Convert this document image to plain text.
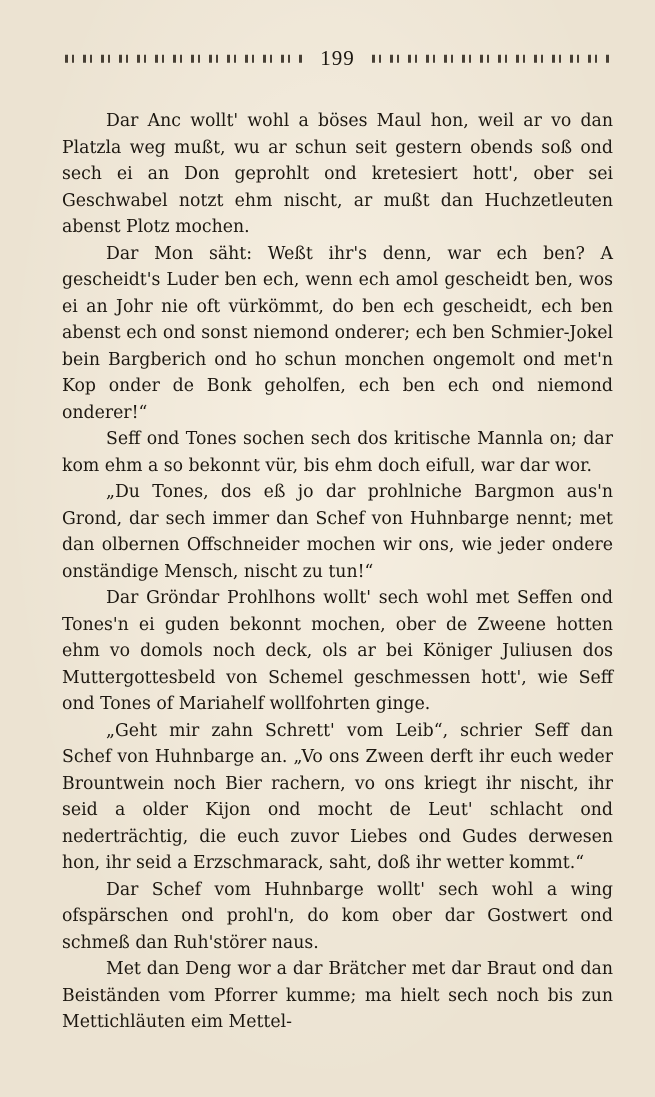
199

Dar Anc wollt' wohl a böses Maul hon, weil ar vo dan Platzla weg mußt, wu ar schun seit gestern obends soß ond sech ei an Don geprohlt ond kretesiert hott', ober sei Geschwabel notzt ehm nischt, ar mußt dan Huchzetleuten abenst Plotz mochen.

Dar Mon säht: Weßt ihr's denn, war ech ben? A gescheidt's Luder ben ech, wenn ech amol gescheidt ben, wos ei an Johr nie oft vürkömmt, do ben ech gescheidt, ech ben abenst ech ond sonst niemond onderer; ech ben Schmier-Jokel bein Bargberich ond ho schun monchen ongemolt ond met'n Kop onder de Bonk geholfen, ech ben ech ond niemond onderer!“

Seff ond Tones sochen sech dos kritische Mannla on; dar kom ehm a so bekonnt vür, bis ehm doch eifull, war dar wor.

„Du Tones, dos eß jo dar prohlniche Bargmon aus'n Grond, dar sech immer dan Schef von Huhnbarge nennt; met dan olbernen Offschneider mochen wir ons, wie jeder ondere onständige Mensch, nischt zu tun!“

Dar Gröndar Prohlhons wollt' sech wohl met Seffen ond Tones'n ei guden bekonnt mochen, ober de Zweene hotten ehm vo domols noch deck, ols ar bei Königer Juliusen dos Muttergottesbeld von Schemel geschmessen hott', wie Seff ond Tones of Mariahelf wollfohrten ginge.

„Geht mir zahn Schrett' vom Leib“, schrier Seff dan Schef von Huhnbarge an. „Vo ons Zween derft ihr euch weder Brountwein noch Bier rachern, vo ons kriegt ihr nischt, ihr seid a older Kijon ond mocht de Leut' schlacht ond nederträchtig, die euch zuvor Liebes ond Gudes derwesen hon, ihr seid a Erzschmarack, saht, doß ihr wetter kommt.“

Dar Schef vom Huhnbarge wollt' sech wohl a wing ofspärschen ond prohl'n, do kom ober dar Gostwert ond schmeß dan Ruh'störer naus.

Met dan Deng wor a dar Brätcher met dar Braut ond dan Beiständen vom Pforrer kumme; ma hielt sech noch bis zun Mettichläuten eim Mettel-
